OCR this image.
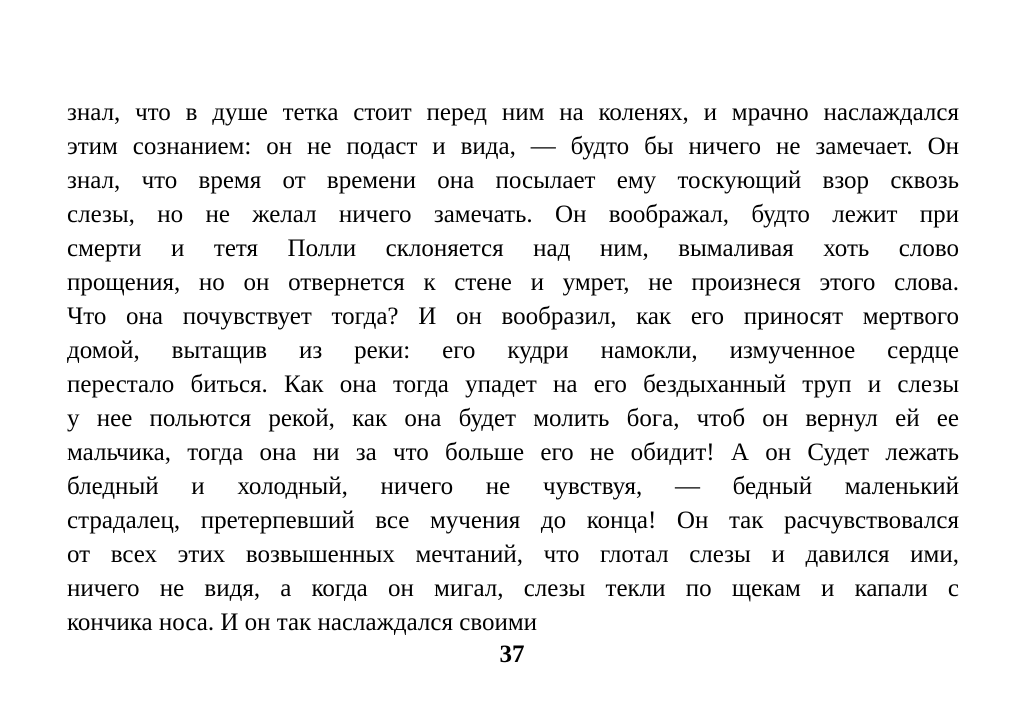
знал, что в душе тетка стоит перед ним на коленях, и мрачно наслаждался
этим сознанием: он не подаст и вида, — будто бы ничего не замечает. Он
знал, что время от времени она посылает ему тоскующий взор сквозь
слезы, но не желал ничего замечать. Он воображал, будто лежит при
смерти и тетя Полли склоняется над ним, вымаливая хоть слово
прощения, но он отвернется к стене и умрет, не произнеся этого слова.
Что она почувствует тогда? И он вообразил, как его приносят мертвого
домой, вытащив из реки: его кудри намокли, измученное сердце
перестало биться. Как она тогда упадет на его бездыханный труп и слезы
у нее польются рекой, как она будет молить бога, чтоб он вернул ей ее
мальчика, тогда она ни за что больше его не обидит! А он Судет лежать
бледный и холодный, ничего не чувствуя, — бедный маленький
страдалец, претерпевший все мучения до конца! Он так расчувствовался
от всех этих возвышенных мечтаний, что глотал слезы и давился ими,
ничего не видя, а когда он мигал, слезы текли по щекам и капали с
кончика носа. И он так наслаждался своими
37
